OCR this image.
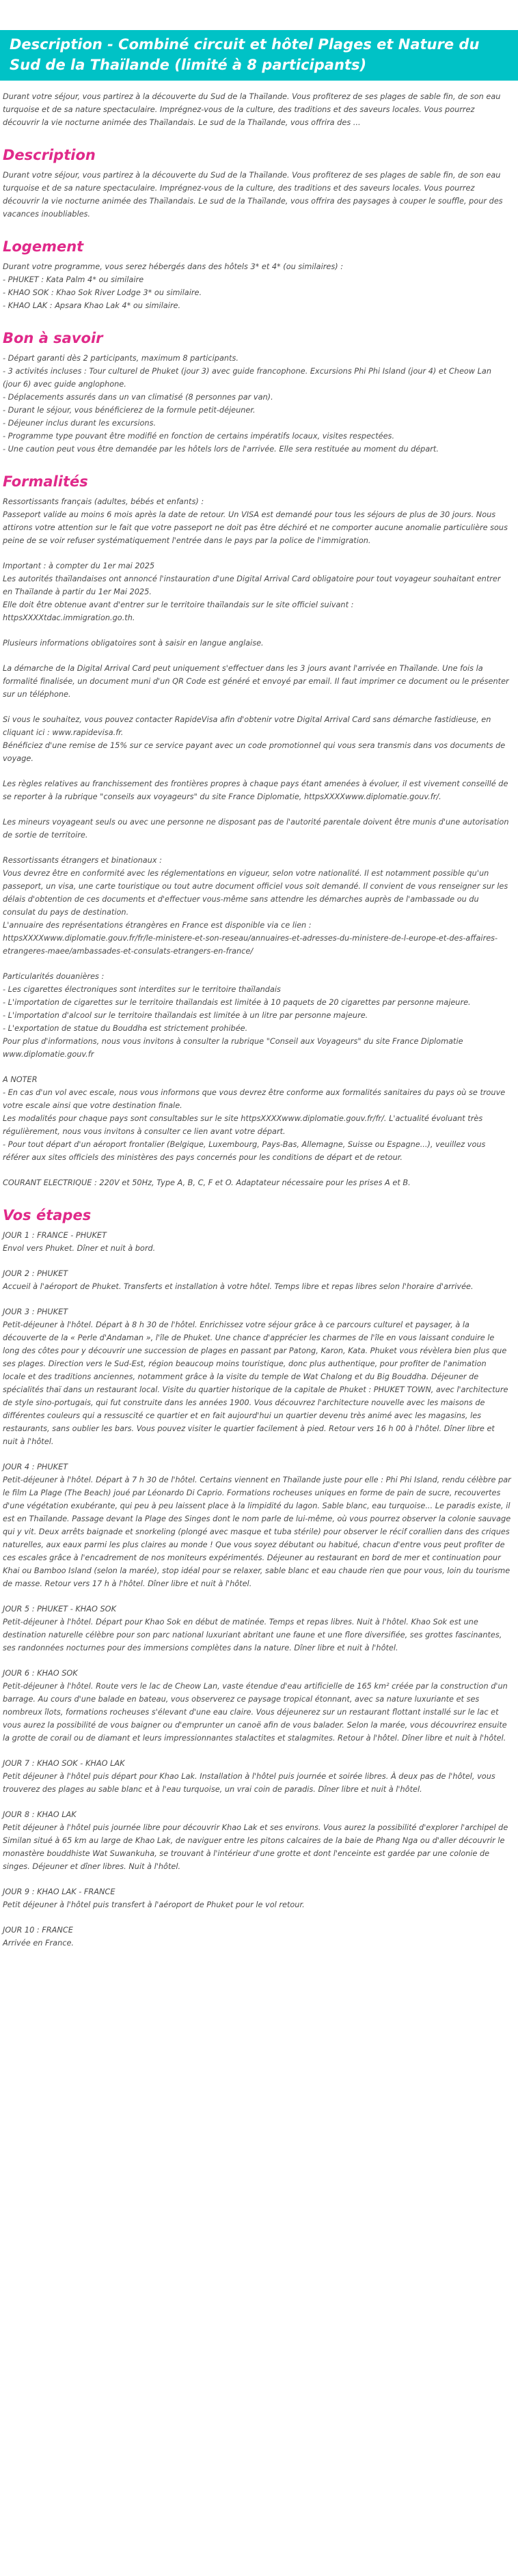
Description - Combiné circuit et hôtel Plages et Nature du Sud de la Thaïlande (limité à 8 participants)

Durant votre séjour, vous partirez à la découverte du Sud de la Thaïlande. Vous profiterez de ses plages de sable fin, de son eau turquoise et de sa nature spectaculaire. Imprégnez-vous de la culture, des traditions et des saveurs locales. Vous pourrez découvrir la vie nocturne animée des Thaïlandais. Le sud de la Thaïlande, vous offrira des ...

Description

Durant votre séjour, vous partirez à la découverte du Sud de la Thaïlande. Vous profiterez de ses plages de sable fin, de son eau turquoise et de sa nature spectaculaire. Imprégnez-vous de la culture, des traditions et des saveurs locales. Vous pourrez découvrir la vie nocturne animée des Thaïlandais. Le sud de la Thaïlande, vous offrira des paysages à couper le souffle, pour des vacances inoubliables.

Logement
Durant votre programme, vous serez hébergés dans des hôtels 3* et 4* (ou similaires) :
- PHUKET : Kata Palm 4* ou similaire
- KHAO SOK : Khao Sok River Lodge 3* ou similaire.
- KHAO LAK : Apsara Khao Lak 4* ou similaire.
Bon à savoir
- Départ garanti dès 2 participants, maximum 8 participants.
- 3 activités incluses : Tour culturel de Phuket (jour 3) avec guide francophone. Excursions Phi Phi Island (jour 4) et Cheow Lan (jour 6) avec guide anglophone.
- Déplacements assurés dans un van climatisé (8 personnes par van).
- Durant le séjour, vous bénéficierez de la formule petit-déjeuner.
- Déjeuner inclus durant les excursions.
- Programme type pouvant être modifié en fonction de certains impératifs locaux, visites respectées.
- Une caution peut vous être demandée par les hôtels lors de l'arrivée. Elle sera restituée au moment du départ.
Formalités

Ressortissants français (adultes, bébés et enfants) :
Passeport valide au moins 6 mois après la date de retour. Un VISA est demandé pour tous les séjours de plus de 30 jours. Nous attirons votre attention sur le fait que votre passeport ne doit pas être déchiré et ne comporter aucune anomalie particulière sous peine de se voir refuser systématiquement l'entrée dans le pays par la police de l'immigration.

Important : à compter du 1er mai 2025
Les autorités thaïlandaises ont annoncé l'instauration d'une Digital Arrival Card obligatoire pour tout voyageur souhaitant entrer en Thaïlande à partir du 1er Mai 2025.
Elle doit être obtenue avant d'entrer sur le territoire thaïlandais sur le site officiel suivant :
httpsXXXXtdac.immigration.go.th.

Plusieurs informations obligatoires sont à saisir en langue anglaise.

La démarche de la Digital Arrival Card peut uniquement s'effectuer dans les 3 jours avant l'arrivée en Thaïlande. Une fois la formalité finalisée, un document muni d'un QR Code est généré et envoyé par email. Il faut imprimer ce document ou le présenter sur un téléphone.

Si vous le souhaitez, vous pouvez contacter RapideVisa afin d'obtenir votre Digital Arrival Card sans démarche fastidieuse, en cliquant ici : www.rapidevisa.fr.
Bénéficiez d'une remise de 15% sur ce service payant avec un code promotionnel qui vous sera transmis dans vos documents de voyage.

Les règles relatives au franchissement des frontières propres à chaque pays étant amenées à évoluer, il est vivement conseillé de se reporter à la rubrique "conseils aux voyageurs" du site France Diplomatie, httpsXXXXwww.diplomatie.gouv.fr/.

Les mineurs voyageant seuls ou avec une personne ne disposant pas de l'autorité parentale doivent être munis d'une autorisation de sortie de territoire.

Ressortissants étrangers et binationaux :
Vous devrez être en conformité avec les réglementations en vigueur, selon votre nationalité. Il est notamment possible qu'un passeport, un visa, une carte touristique ou tout autre document officiel vous soit demandé. Il convient de vous renseigner sur les délais d'obtention de ces documents et d'effectuer vous-même sans attendre les démarches auprès de l'ambassade ou du consulat du pays de destination.
L'annuaire des représentations étrangères en France est disponible via ce lien :
httpsXXXXwww.diplomatie.gouv.fr/fr/le-ministere-et-son-reseau/annuaires-et-adresses-du-ministere-de-l-europe-et-des-affaires-etrangeres-maee/ambassades-et-consulats-etrangers-en-france/

Particularités douanières :
- Les cigarettes électroniques sont interdites sur le territoire thaïlandais
- L'importation de cigarettes sur le territoire thaïlandais est limitée à 10 paquets de 20 cigarettes par personne majeure.
- L'importation d'alcool sur le territoire thaïlandais est limitée à un litre par personne majeure.
- L'exportation de statue du Bouddha est strictement prohibée.
Pour plus d'informations, nous vous invitons à consulter la rubrique "Conseil aux Voyageurs" du site France Diplomatie www.diplomatie.gouv.fr

A NOTER
- En cas d'un vol avec escale, nous vous informons que vous devrez être conforme aux formalités sanitaires du pays où se trouve votre escale ainsi que votre destination finale.
Les modalités pour chaque pays sont consultables sur le site httpsXXXXwww.diplomatie.gouv.fr/fr/. L'actualité évoluant très régulièrement, nous vous invitons à consulter ce lien avant votre départ.
- Pour tout départ d'un aéroport frontalier (Belgique, Luxembourg, Pays-Bas, Allemagne, Suisse ou Espagne...), veuillez vous référer aux sites officiels des ministères des pays concernés pour les conditions de départ et de retour.

COURANT ELECTRIQUE : 220V et 50Hz, Type A, B, C, F et O. Adaptateur nécessaire pour les prises A et B.

Vos étapes
JOUR 1 : FRANCE - PHUKET
Envol vers Phuket. Dîner et nuit à bord.
JOUR 2 : PHUKET
Accueil à l'aéroport de Phuket. Transferts et installation à votre hôtel. Temps libre et repas libres selon l'horaire d'arrivée.
JOUR 3 : PHUKET
Petit-déjeuner à l'hôtel. Départ à 8 h 30 de l'hôtel. Enrichissez votre séjour grâce à ce parcours culturel et paysager, à la découverte de la « Perle d'Andaman », l'île de Phuket. Une chance d'apprécier les charmes de l'île en vous laissant conduire le long des côtes pour y découvrir une succession de plages en passant par Patong, Karon, Kata. Phuket vous révèlera bien plus que ses plages. Direction vers le Sud-Est, région beaucoup moins touristique, donc plus authentique, pour profiter de l'animation locale et des traditions anciennes, notamment grâce à la visite du temple de Wat Chalong et du Big Bouddha. Déjeuner de spécialités thaï dans un restaurant local. Visite du quartier historique de la capitale de Phuket : PHUKET TOWN, avec l'architecture de style sino-portugais, qui fut construite dans les années 1900. Vous découvrez l'architecture nouvelle avec les maisons de différentes couleurs qui a ressuscité ce quartier et en fait aujourd'hui un quartier devenu très animé avec les magasins, les restaurants, sans oublier les bars. Vous pouvez visiter le quartier facilement à pied. Retour vers 16 h 00 à l'hôtel. Dîner libre et nuit à l'hôtel.
JOUR 4 : PHUKET
Petit-déjeuner à l'hôtel. Départ à 7 h 30 de l'hôtel. Certains viennent en Thaïlande juste pour elle : Phi Phi Island, rendu célèbre par le film La Plage (The Beach) joué par Léonardo Di Caprio. Formations rocheuses uniques en forme de pain de sucre, recouvertes d'une végétation exubérante, qui peu à peu laissent place à la limpidité du lagon. Sable blanc, eau turquoise... Le paradis existe, il est en Thaïlande. Passage devant la Plage des Singes dont le nom parle de lui-même, où vous pourrez observer la colonie sauvage qui y vit. Deux arrêts baignade et snorkeling (plongé avec masque et tuba stérile) pour observer le récif corallien dans des criques naturelles, aux eaux parmi les plus claires au monde ! Que vous soyez débutant ou habitué, chacun d'entre vous peut profiter de ces escales grâce à l'encadrement de nos moniteurs expérimentés. Déjeuner au restaurant en bord de mer et continuation pour Khai ou Bamboo Island (selon la marée), stop idéal pour se relaxer, sable blanc et eau chaude rien que pour vous, loin du tourisme de masse. Retour vers 17 h à l'hôtel. Dîner libre et nuit à l'hôtel.
JOUR 5 : PHUKET - KHAO SOK
Petit-déjeuner à l'hôtel. Départ pour Khao Sok en début de matinée. Temps et repas libres. Nuit à l'hôtel. Khao Sok est une destination naturelle célèbre pour son parc national luxuriant abritant une faune et une flore diversifiée, ses grottes fascinantes, ses randonnées nocturnes pour des immersions complètes dans la nature. Dîner libre et nuit à l'hôtel.
JOUR 6 : KHAO SOK
Petit-déjeuner à l'hôtel. Route vers le lac de Cheow Lan, vaste étendue d'eau artificielle de 165 km² créée par la construction d'un barrage. Au cours d'une balade en bateau, vous observerez ce paysage tropical étonnant, avec sa nature luxuriante et ses nombreux îlots, formations rocheuses s'élevant d'une eau claire. Vous déjeunerez sur un restaurant flottant installé sur le lac et vous aurez la possibilité de vous baigner ou d'emprunter un canoë afin de vous balader. Selon la marée, vous découvrirez ensuite la grotte de corail ou de diamant et leurs impressionnantes stalactites et stalagmites. Retour à l'hôtel. Dîner libre et nuit à l'hôtel.
JOUR 7 : KHAO SOK - KHAO LAK
Petit déjeuner à l'hôtel puis départ pour Khao Lak. Installation à l'hôtel puis journée et soirée libres. À deux pas de l'hôtel, vous trouverez des plages au sable blanc et à l'eau turquoise, un vrai coin de paradis. Dîner libre et nuit à l'hôtel.
JOUR 8 : KHAO LAK
Petit déjeuner à l'hôtel puis journée libre pour découvrir Khao Lak et ses environs. Vous aurez la possibilité d'explorer l'archipel de Similan situé à 65 km au large de Khao Lak, de naviguer entre les pitons calcaires de la baie de Phang Nga ou d'aller découvrir le monastère bouddhiste Wat Suwankuha, se trouvant à l'intérieur d'une grotte et dont l'enceinte est gardée par une colonie de singes. Déjeuner et dîner libres. Nuit à l'hôtel.
JOUR 9 : KHAO LAK - FRANCE
Petit déjeuner à l'hôtel puis transfert à l'aéroport de Phuket pour le vol retour.
JOUR 10 : FRANCE
Arrivée en France.
